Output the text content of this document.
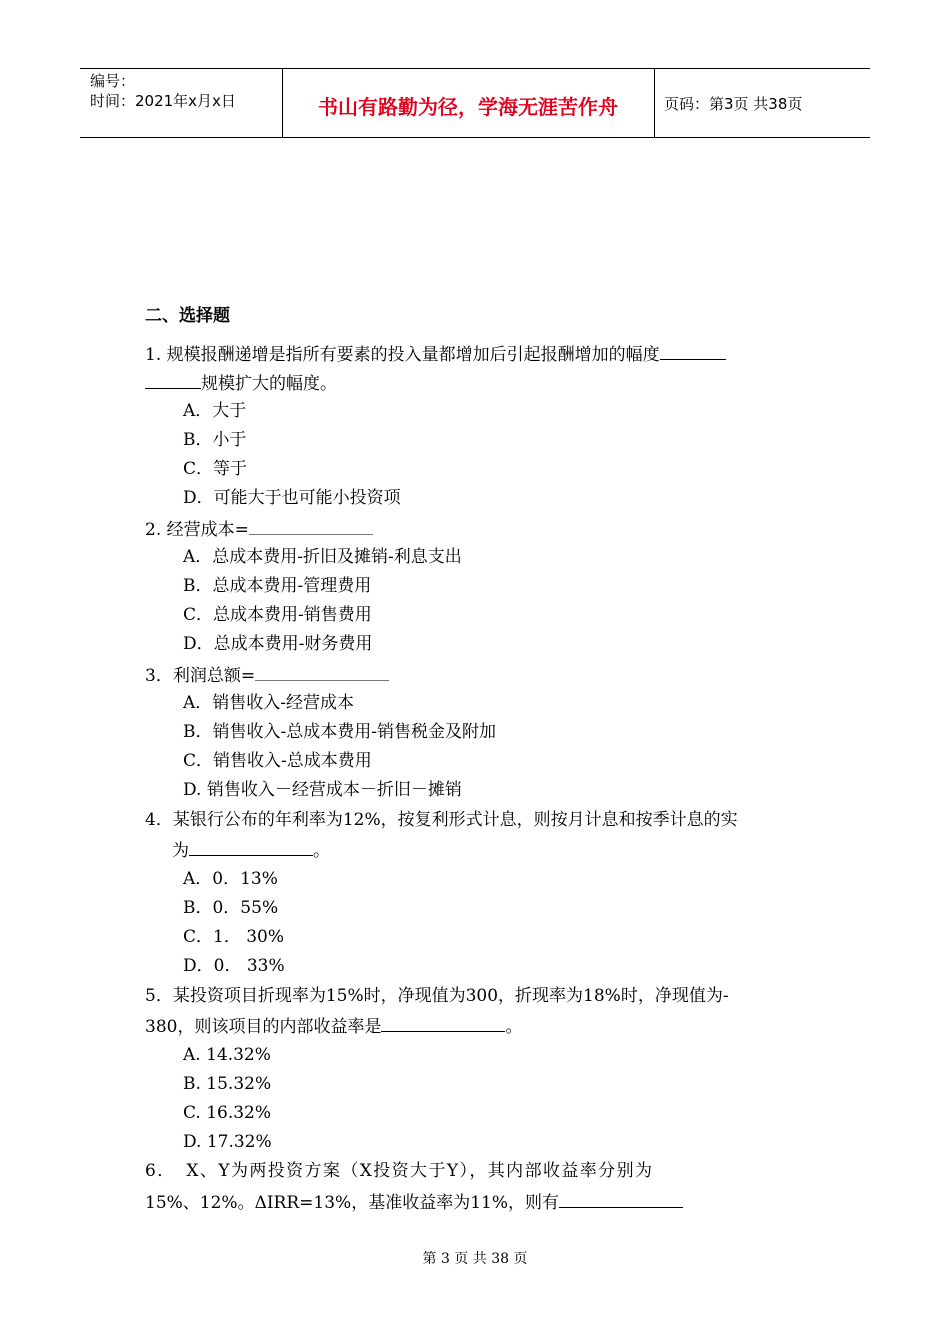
编号：
时间：2021年x月x日	书山有路勤为径，学海无涯苦作舟	页码：第3页 共38页
二、选择题
1. 规模报酬递增是指所有要素的投入量都增加后引起报酬增加的幅度
规模扩大的幅度。
A．大于
B．小于
C．等于
D．可能大于也可能小投资项
2. 经营成本=
A．总成本费用-折旧及摊销-利息支出
B．总成本费用-管理费用
C．总成本费用-销售费用
D．总成本费用-财务费用
3．利润总额=
A．销售收入-经营成本
B．销售收入-总成本费用-销售税金及附加
C．销售收入-总成本费用
D. 销售收入－经营成本－折旧－摊销
4．某银行公布的年利率为12%，按复利形式计息，则按月计息和按季计息的实
为	。
A．0．13%
B．0．55%
C．1． 30%
D．0． 33%
5．某投资项目折现率为15%时，净现值为300，折现率为18%时，净现值为-
380，则该项目的内部收益率是	。
A. 14.32%
B. 15.32%
C. 16.32%
D. 17.32%
6． X、Y为两投资方案（X投资大于Y），其内部收益率分别为
15%、12%。ΔIRR=13%，基准收益率为11%，则有
第 3 页 共 38 页
